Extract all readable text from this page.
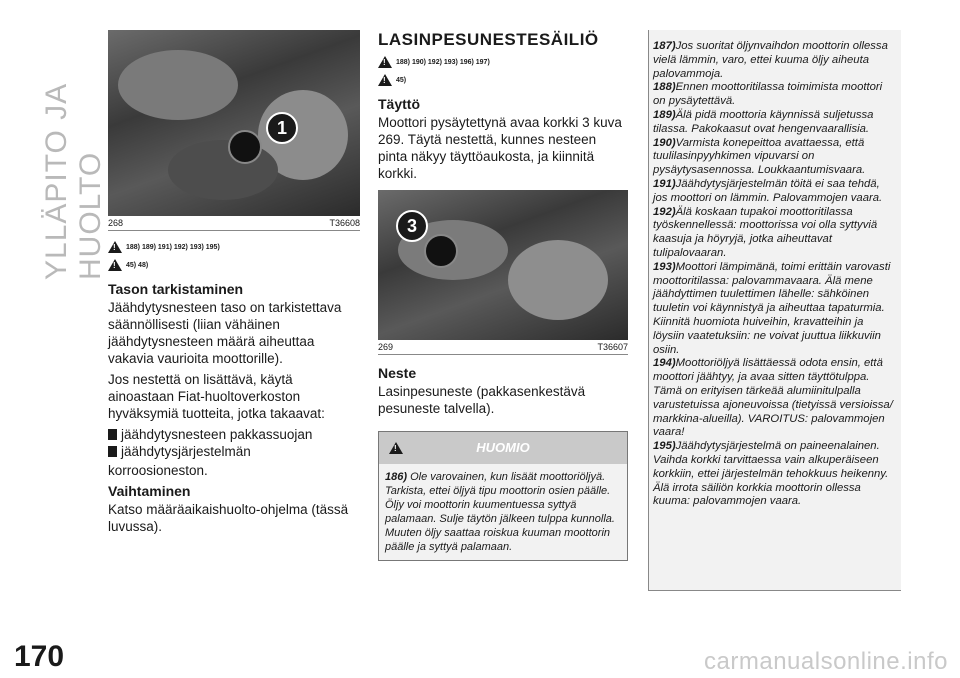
YLLÄPITO JA HUOLTO
170	carmanualsonline.info
1
268	T36608
!
188) 189) 191) 192) 193) 195)
!
45) 48)
Tason tarkistaminen

Jäähdytysnesteen taso on tarkistettava säännöllisesti (liian vähäinen jäähdytysnesteen määrä aiheuttaa vakavia vaurioita moottorille).

Jos nestettä on lisättävä, käytä ainoastaan Fiat-huoltoverkoston hyväksymiä tuotteita, jotka takaavat:

jäähdytysnesteen pakkassuojan
jäähdytysjärjestelmän

korroosioneston.

Vaihtaminen

Katso määräaikaishuolto-ohjelma (tässä luvussa).

LASINPESUNESTESÄILIÖ
!
188) 190) 192) 193) 196) 197)
!
45)
Täyttö

Moottori pysäytettynä avaa korkki 3 kuva 269. Täytä nestettä, kunnes nesteen pinta näkyy täyttöaukosta, ja kiinnitä korkki.

3
269	T36607
Neste

Lasinpesuneste (pakkasenkestävä pesuneste talvella).

!
HUOMIO
186) Ole varovainen, kun lisäät moottoriöljyä. Tarkista, ettei öljyä tipu moottorin osien päälle. Öljy voi moottorin kuumentuessa syttyä palamaan. Sulje täytön jälkeen tulppa kunnolla. Muuten öljy saattaa roiskua kuuman moottorin päälle ja syttyä palamaan.
187)Jos suoritat öljynvaihdon moottorin ollessa vielä lämmin, varo, ettei kuuma öljy aiheuta palovammoja.
188)Ennen moottoritilassa toimimista moottori on pysäytettävä.
189)Älä pidä moottoria käynnissä suljetussa tilassa. Pakokaasut ovat hengenvaarallisia.
190)Varmista konepeittoa avattaessa, että tuulilasinpyyhkimen vipuvarsi on pysäytysasennossa. Loukkaantumisvaara.
191)Jäähdytysjärjestelmän töitä ei saa tehdä, jos moottori on lämmin. Palovammojen vaara.
192)Älä koskaan tupakoi moottoritilassa työskennellessä: moottorissa voi olla syttyviä kaasuja ja höyryjä, jotka aiheuttavat tulipalovaaran.
193)Moottori lämpimänä, toimi erittäin varovasti moottoritilassa: palovammavaara. Älä mene jäähdyttimen tuulettimen lähelle: sähköinen tuuletin voi käynnistyä ja aiheuttaa tapaturmia. Kiinnitä huomiota huiveihin, kravatteihin ja löysiin vaatetuksiin: ne voivat juuttua liikkuviin osiin.
194)Moottoriöljyä lisättäessä odota ensin, että moottori jäähtyy, ja avaa sitten täyttötulppa. Tämä on erityisen tärkeää alumiinitulpalla varustetuissa ajoneuvoissa (tietyissä versioissa/ markkina-alueilla). VAROITUS: palovammojen vaara!
195)Jäähdytysjärjestelmä on paineenalainen. Vaihda korkki tarvittaessa vain alkuperäiseen korkkiin, ettei järjestelmän tehokkuus heikenny. Älä irrota säiliön korkkia moottorin ollessa kuuma: palovammojen vaara.
